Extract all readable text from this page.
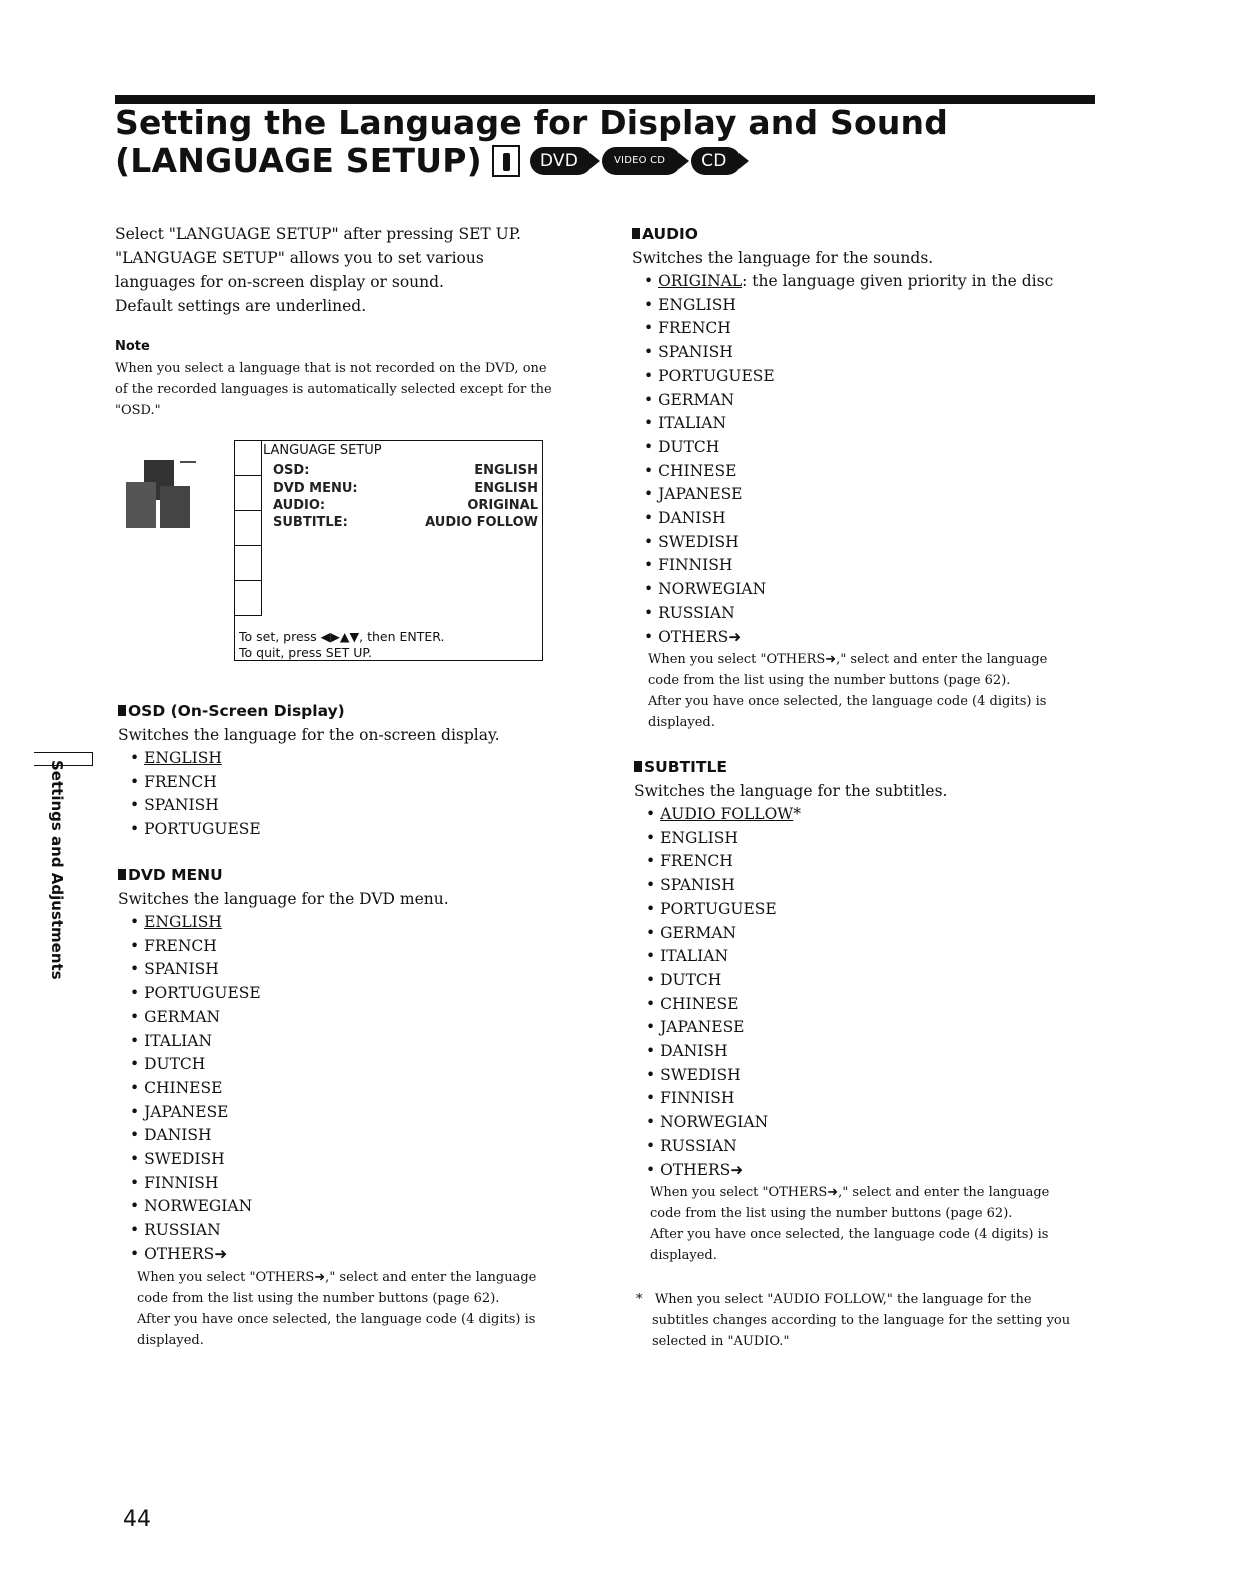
Setting the Language for Display and Sound
(LANGUAGE SETUP)	DVD	VIDEO CD	CD

Select "LANGUAGE SETUP" after pressing SET UP.

"LANGUAGE SETUP" allows you to set various

languages for on-screen display or sound.

Default settings are underlined.

Note

When you select a language that is not recorded on the DVD, one

of the recorded languages is automatically selected except for the

"OSD."

LANGUAGE SETUP
OSD:	ENGLISH
DVD MENU:	ENGLISH
AUDIO:	ORIGINAL
SUBTITLE:	AUDIO FOLLOW
To set, press ◀▶▲▼, then ENTER.
To quit, press SET UP.

OSD (On-Screen Display)

Switches the language for the on-screen display.

• ENGLISH
• FRENCH
• SPANISH
• PORTUGUESE

DVD MENU

Switches the language for the DVD menu.

• ENGLISH
• FRENCH
• SPANISH
• PORTUGUESE
• GERMAN
• ITALIAN
• DUTCH
• CHINESE
• JAPANESE
• DANISH
• SWEDISH
• FINNISH
• NORWEGIAN
• RUSSIAN
• OTHERS➜

When you select "OTHERS➜," select and enter the language

code from the list using the number buttons (page 62).

After you have once selected, the language code (4 digits) is

displayed.

AUDIO

Switches the language for the sounds.

• ORIGINAL: the language given priority in the disc
• ENGLISH
• FRENCH
• SPANISH
• PORTUGUESE
• GERMAN
• ITALIAN
• DUTCH
• CHINESE
• JAPANESE
• DANISH
• SWEDISH
• FINNISH
• NORWEGIAN
• RUSSIAN
• OTHERS➜

When you select "OTHERS➜," select and enter the language

code from the list using the number buttons (page 62).

After you have once selected, the language code (4 digits) is

displayed.

SUBTITLE

Switches the language for the subtitles.

• AUDIO FOLLOW*
• ENGLISH
• FRENCH
• SPANISH
• PORTUGUESE
• GERMAN
• ITALIAN
• DUTCH
• CHINESE
• JAPANESE
• DANISH
• SWEDISH
• FINNISH
• NORWEGIAN
• RUSSIAN
• OTHERS➜

When you select "OTHERS➜," select and enter the language

code from the list using the number buttons (page 62).

After you have once selected, the language code (4 digits) is

displayed.

*   When you select "AUDIO FOLLOW," the language for the

subtitles changes according to the language for the setting you

selected in "AUDIO."

Settings and Adjustments
44
